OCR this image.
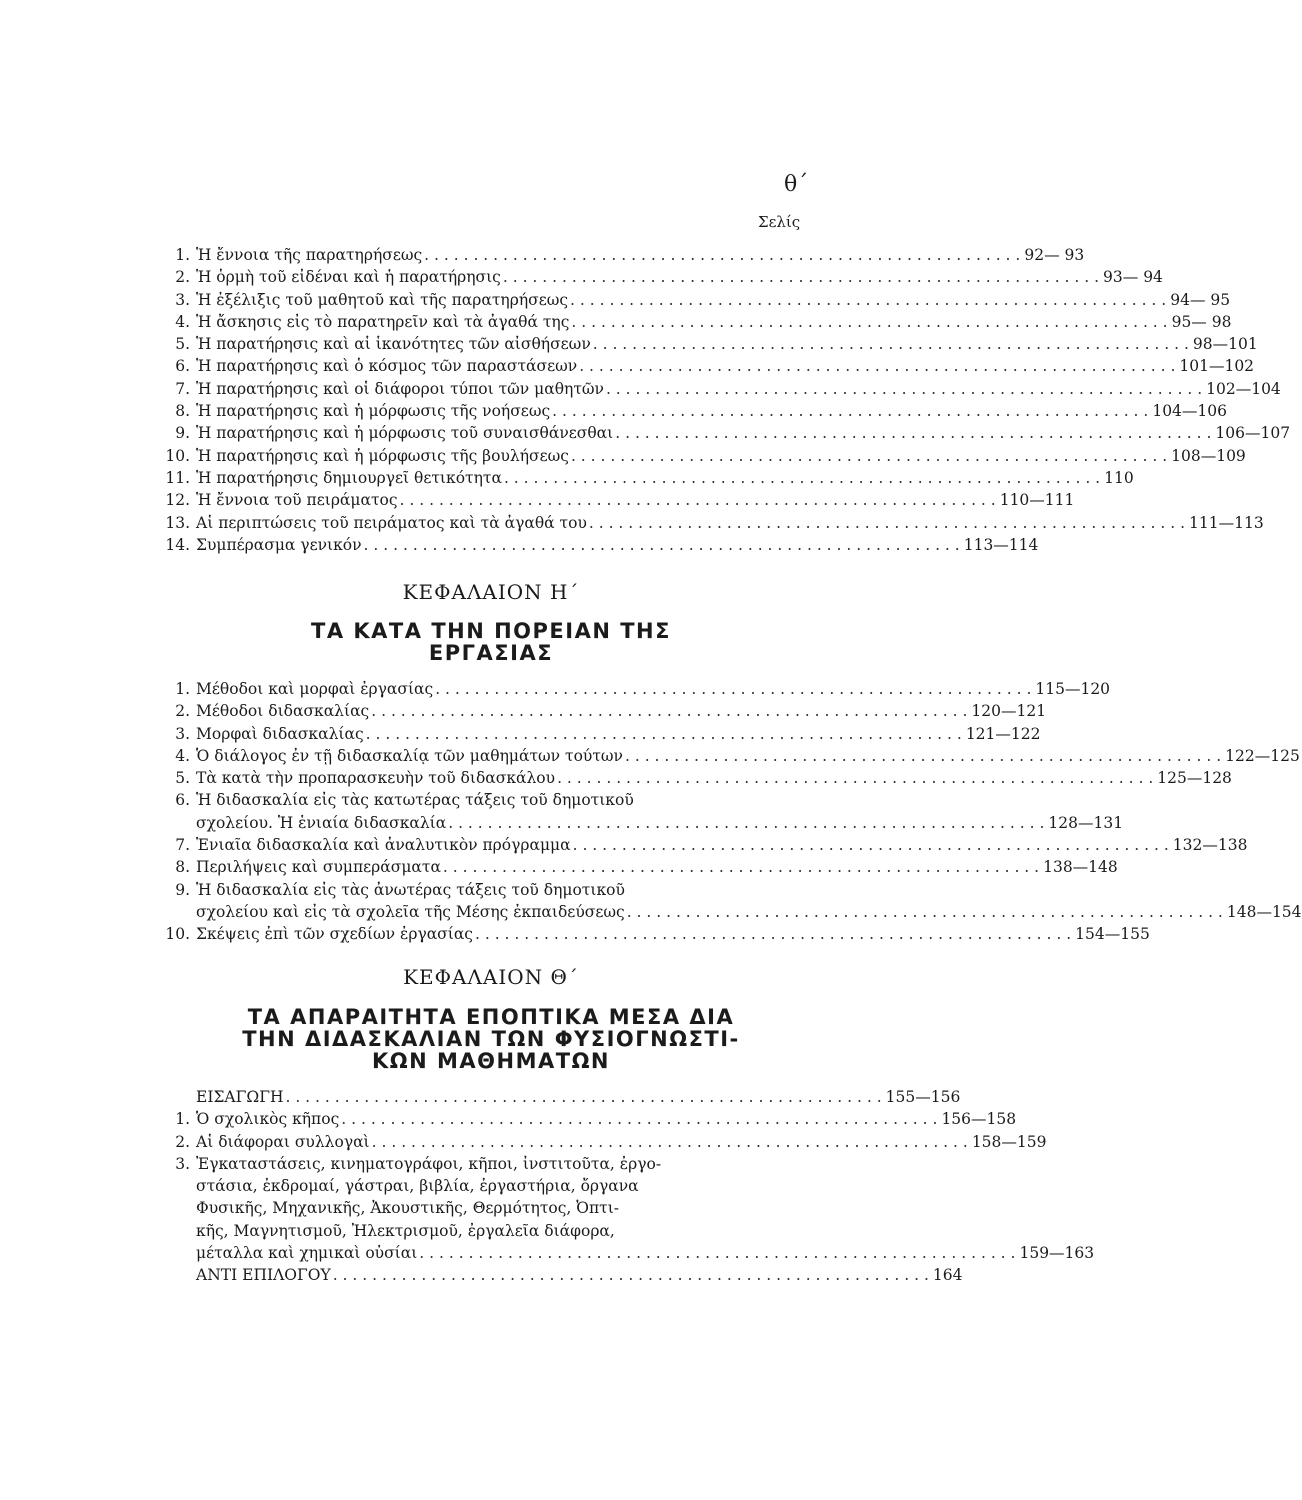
θ΄
Σελίς
1. Ἡ ἔννοια τῆς παρατηρήσεως . . .	92— 93
2. Ἡ ὁρμὴ τοῦ εἰδέναι καὶ ἡ παρατήρησις . . .	93— 94
3. Ἡ ἐξέλιξις τοῦ μαθητοῦ καὶ τῆς παρατηρήσεως . . .	94— 95
4. Ἡ ἄσκησις εἰς τὸ παρατηρεῖν καὶ τὰ ἀγαθά της . . .	95— 98
5. Ἡ παρατήρησις καὶ αἱ ἱκανότητες τῶν αἰσθήσεων . . .	98—101
6. Ἡ παρατήρησις καὶ ὁ κόσμος τῶν παραστάσεων . . .	101—102
7. Ἡ παρατήρησις καὶ οἱ διάφοροι τύποι τῶν μαθητῶν . . .	102—104
8. Ἡ παρατήρησις καὶ ἡ μόρφωσις τῆς νοήσεως . . .	104—106
9. Ἡ παρατήρησις καὶ ἡ μόρφωσις τοῦ συναισθάνεσθαι . . .	106—107
10. Ἡ παρατήρησις καὶ ἡ μόρφωσις τῆς βουλήσεως . . .	108—109
11. Ἡ παρατήρησις δημιουργεῖ θετικότητα . . .	110
12. Ἡ ἔννοια τοῦ πειράματος . . .	110—111
13. Αἱ περιπτώσεις τοῦ πειράματος καὶ τὰ ἀγαθά του . . .	111—113
14. Συμπέρασμα γενικόν . . .	113—114
ΚΕΦΑΛΑΙΟΝ Η΄
ΤΑ ΚΑΤΑ ΤΗΝ ΠΟΡΕΙΑΝ ΤΗΣ
ΕΡΓΑΣΙΑΣ
1. Μέθοδοι καὶ μορφαὶ ἐργασίας . . .	115—120
2. Μέθοδοι διδασκαλίας . . .	120—121
3. Μορφαὶ διδασκαλίας . . .	121—122
4. Ὁ διάλογος ἐν τῇ διδασκαλίᾳ τῶν μαθημάτων τούτων . . .	122—125
5. Τὰ κατὰ τὴν προπαρασκευὴν τοῦ διδασκάλου . . .	125—128
6. Ἡ διδασκαλία εἰς τὰς κατωτέρας τάξεις τοῦ δημοτικοῦ
σχολείου. Ἡ ἑνιαία διδασκαλία . . .	128—131
7. Ἑνιαῖα διδασκαλία καὶ ἀναλυτικὸν πρόγραμμα . . .	132—138
8. Περιλήψεις καὶ συμπεράσματα . . .	138—148
9. Ἡ διδασκαλία εἰς τὰς ἀνωτέρας τάξεις τοῦ δημοτικοῦ
σχολείου καὶ εἰς τὰ σχολεῖα τῆς Μέσης ἐκπαιδεύσεως . . .	148—154
10. Σκέψεις ἐπὶ τῶν σχεδίων ἐργασίας . . .	154—155
ΚΕΦΑΛΑΙΟΝ Θ΄
ΤΑ ΑΠΑΡΑΙΤΗΤΑ ΕΠΟΠΤΙΚΑ ΜΕΣΑ ΔΙΑ
ΤΗΝ ΔΙΔΑΣΚΑΛΙΑΝ ΤΩΝ ΦΥΣΙΟΓΝΩΣΤΙ-
ΚΩΝ ΜΑΘΗΜΑΤΩΝ
ΕΙΣΑΓΩΓΗ . . .	155—156
1. Ὁ σχολικὸς κῆπος . . .	156—158
2. Αἱ διάφοραι συλλογαὶ . . .	158—159
3. Ἐγκαταστάσεις, κινηματογράφοι, κῆποι, ἰνστιτοῦτα, ἐργο-
στάσια, ἐκδρομαί, γάστραι, βιβλία, ἐργαστήρια, ὄργανα
Φυσικῆς, Μηχανικῆς, Ἀκουστικῆς, Θερμότητος, Ὀπτι-
κῆς, Μαγνητισμοῦ, Ἠλεκτρισμοῦ, ἐργαλεῖα διάφορα,
μέταλλα καὶ χημικαὶ οὐσίαι . . .	159—163
ΑΝΤΙ ΕΠΙΛΟΓΟΥ . . .	164
